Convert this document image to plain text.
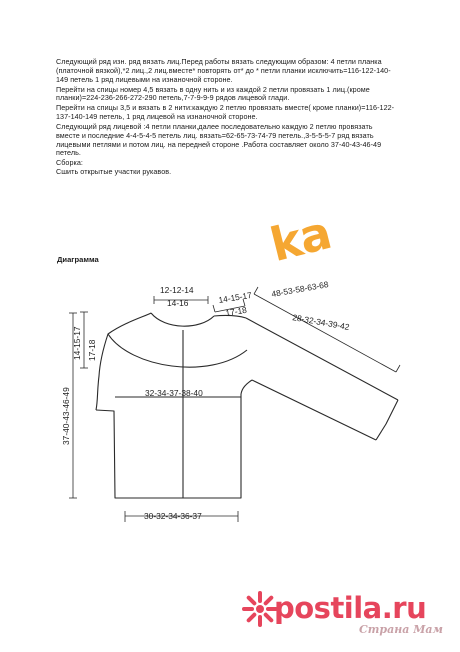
Следующий ряд изн. ряд вязать лиц.Перед работы вязать следующим образом: 4 петли планка (платочной вязкой),*2 лиц.,2 лиц.вместе* повторять от* до * петли планки исключить=116-122-140-149 петель 1 ряд лицевыми на изнаночной стороне.

Перейти на спицы номер 4,5 вязать в одну нить и из каждой 2 петли провязать 1 лиц.(кроме планки)=224-236-266-272-290 петель,7-7-9-9-9 рядов лицевой глади.

Перейти на спицы 3,5 и вязать в 2 нити:каждую 2 петлю провязать вместе( кроме планки)=116-122-137-140-149 петель, 1 ряд лицевой на изнаночной стороне.

Следующий ряд лицевой :4 петли планки,далее последовательно каждую 2 петлю провязать вместе и последние 4-4-5-4-5 петель лиц. вязать=62-65-73-74-79 петель.,3-5-5-5-7 ряд вязать лицевыми петлями и потом лиц. на передней стороне .Работа составляет около 37-40-43-46-49 петель.

Сборка:
Сшить открытые участки рукавов.

ka
Диаграмма
12-12-14
14-16	14-15-17
17-18
48-53-58-63-68
28-32-34-39-42
14-15-17 17-18
37-40-43-46-49	32-34-37-38-40
30-32-34-36-37
postila.ru
Страна Мам
